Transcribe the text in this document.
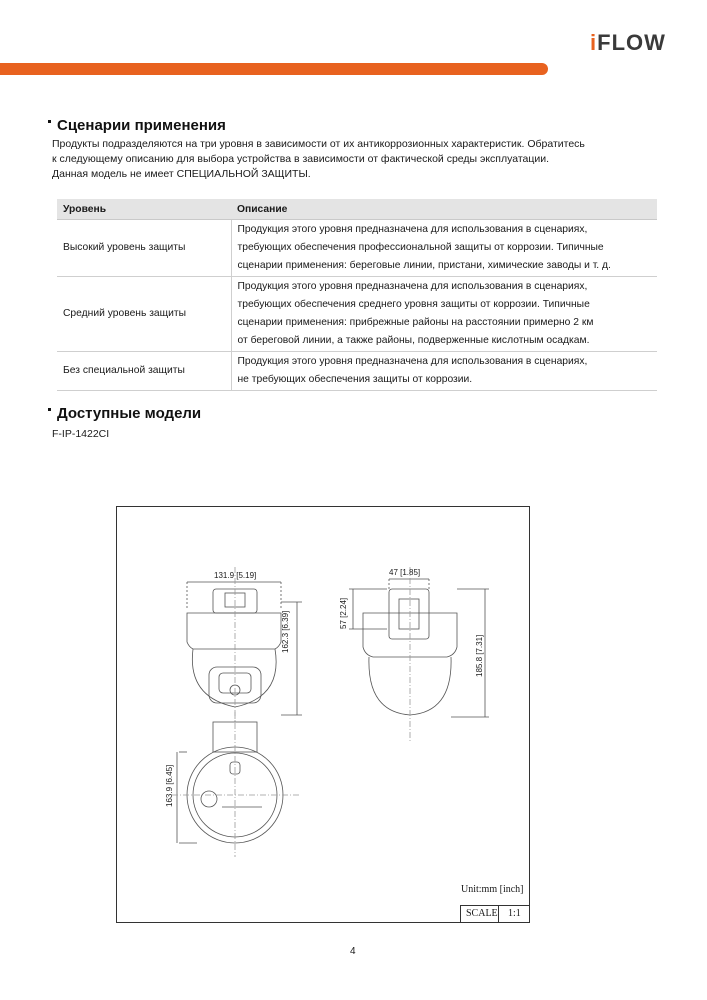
iFLOW
Сценарии применения
Продукты подразделяются на три уровня в зависимости от их антикоррозионных характеристик. Обратитесь
к следующему описанию для выбора устройства в зависимости от фактической среды эксплуатации.
Данная модель не имеет СПЕЦИАЛЬНОЙ ЗАЩИТЫ.
Уровень	Описание
Высокий уровень защиты	Продукция этого уровня предназначена для использования в сценариях,
требующих обеспечения профессиональной защиты от коррозии. Типичные
сценарии применения: береговые линии, пристани, химические заводы и т. д.

Средний уровень защиты	Продукция этого уровня предназначена для использования в сценариях,
требующих обеспечения среднего уровня защиты от коррозии. Типичные
сценарии применения: прибрежные районы на расстоянии примерно 2 км
от береговой линии, а также районы, подверженные кислотным осадкам.

Без специальной защиты	Продукция этого уровня предназначена для использования в сценариях,
не требующих обеспечения защиты от коррозии.
Доступные модели
F-IP-1422CI
131.9 [5.19]
162.3 [6.39]
47 [1.85]
57 [2.24]
185.8 [7.31]
163.9 [6.45]
Unit:mm [inch]
SCALE 1:1
4
